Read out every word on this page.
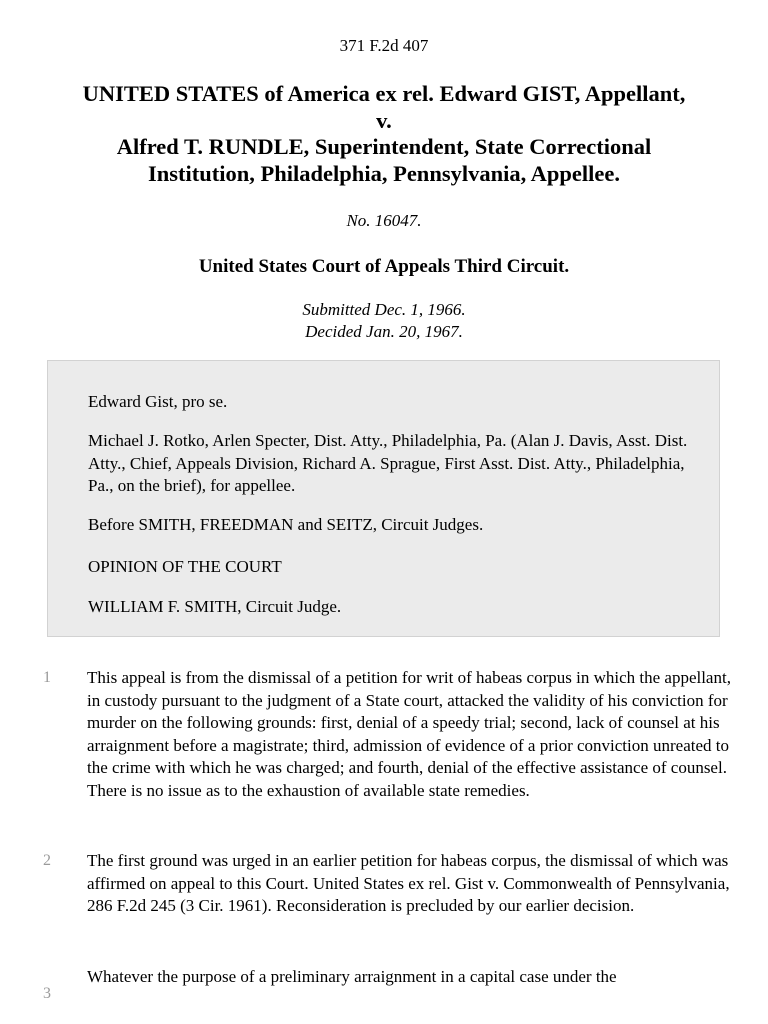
371 F.2d 407
UNITED STATES of America ex rel. Edward GIST, Appellant,
v.
Alfred T. RUNDLE, Superintendent, State Correctional
Institution, Philadelphia, Pennsylvania, Appellee.
No. 16047.
United States Court of Appeals Third Circuit.
Submitted Dec. 1, 1966.
Decided Jan. 20, 1967.
Edward Gist, pro se.
Michael J. Rotko, Arlen Specter, Dist. Atty., Philadelphia, Pa. (Alan J. Davis, Asst. Dist. Atty., Chief, Appeals Division, Richard A. Sprague, First Asst. Dist. Atty., Philadelphia, Pa., on the brief), for appellee.
Before SMITH, FREEDMAN and SEITZ, Circuit Judges.
OPINION OF THE COURT
WILLIAM F. SMITH, Circuit Judge.
1	This appeal is from the dismissal of a petition for writ of habeas corpus in which the appellant, in custody pursuant to the judgment of a State court, attacked the validity of his conviction for murder on the following grounds: first, denial of a speedy trial; second, lack of counsel at his arraignment before a magistrate; third, admission of evidence of a prior conviction unreated to the crime with which he was charged; and fourth, denial of the effective assistance of counsel. There is no issue as to the exhaustion of available state remedies.
2	The first ground was urged in an earlier petition for habeas corpus, the dismissal of which was affirmed on appeal to this Court. United States ex rel. Gist v. Commonwealth of Pennsylvania, 286 F.2d 245 (3 Cir. 1961). Reconsideration is precluded by our earlier decision.
3
Whatever the purpose of a preliminary arraignment in a capital case under the
